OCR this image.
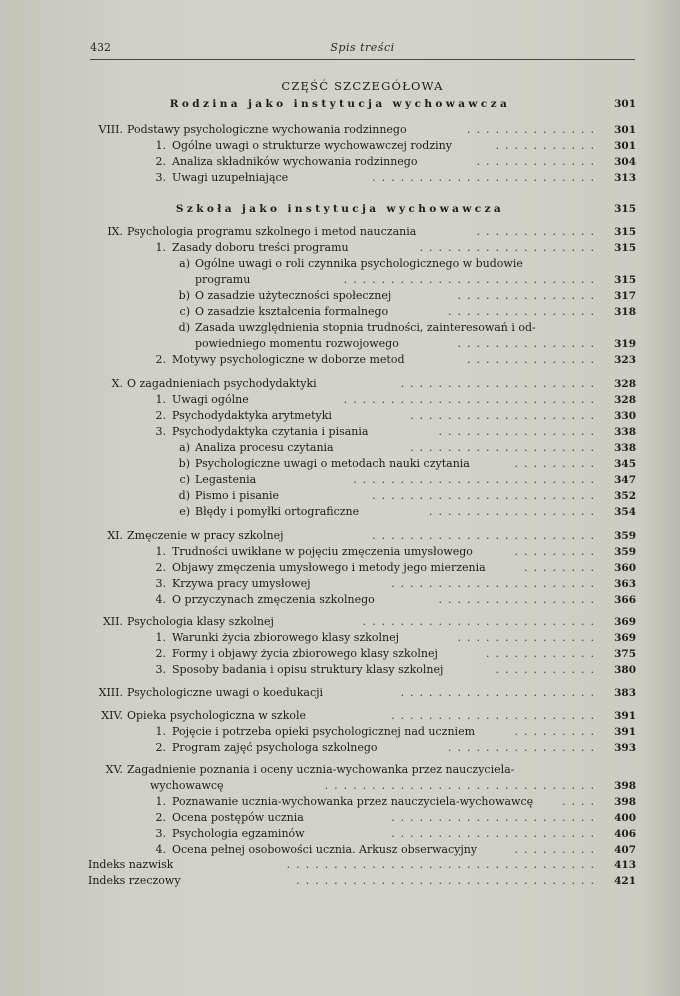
432	Spis treści
CZĘŚĆ SZCZEGÓŁOWA
Rodzina jako instytucja wychowawcza	301
VIII. Podstawy psychologiczne wychowania rodzinnego	..............	301
1. Ogólne uwagi o strukturze wychowawczej rodziny	...........	301
2. Analiza składników wychowania rodzinnego	.............	304
3. Uwagi uzupełniające	........................	313
Szkoła jako instytucja wychowawcza	315
IX. Psychologia programu szkolnego i metod nauczania	.............	315
1. Zasady doboru treści programu	...................	315
a) Ogólne uwagi o roli czynnika psychologicznego w budowie
programu	...........................	315
b) O zasadzie użyteczności społecznej	...............	317
c) O zasadzie kształcenia formalnego	................	318
d) Zasada uwzględnienia stopnia trudności, zainteresowań i od-
powiedniego momentu rozwojowego	...............	319
2. Motywy psychologiczne w doborze metod	..............	323
X. O zagadnieniach psychodydaktyki	.....................	328
1. Uwagi ogólne	...........................	328
2. Psychodydaktyka arytmetyki	....................	330
3. Psychodydaktyka czytania i pisania	.................	338
a) Analiza procesu czytania	....................	338
b) Psychologiczne uwagi o metodach nauki czytania	.........	345
c) Legastenia	..........................	347
d) Pismo i pisanie	........................	352
e) Błędy i pomyłki ortograficzne	..................	354
XI. Zmęczenie w pracy szkolnej	........................	359
1. Trudności uwikłane w pojęciu zmęczenia umysłowego	.........	359
2. Objawy zmęczenia umysłowego i metody jego mierzenia	........	360
3. Krzywa pracy umysłowej	......................	363
4. O przyczynach zmęczenia szkolnego	.................	366
XII. Psychologia klasy szkolnej	.........................	369
1. Warunki życia zbiorowego klasy szkolnej	...............	369
2. Formy i objawy życia zbiorowego klasy szkolnej	............	375
3. Sposoby badania i opisu struktury klasy szkolnej	...........	380
XIII. Psychologiczne uwagi o koedukacji	.....................	383
XIV. Opieka psychologiczna w szkole	......................	391
1. Pojęcie i potrzeba opieki psychologicznej nad uczniem	.........	391
2. Program zajęć psychologa szkolnego	................	393
XV. Zagadnienie poznania i oceny ucznia-wychowanka przez nauczyciela-
wychowawcę	.............................	398
1. Poznawanie ucznia-wychowanka przez nauczyciela-wychowawcę	....	398
2. Ocena postępów ucznia	......................	400
3. Psychologia egzaminów	......................	406
4. Ocena pełnej osobowości ucznia. Arkusz obserwacyjny	.........	407
Indeks nazwisk	.................................	413
Indeks rzeczowy	................................	421
